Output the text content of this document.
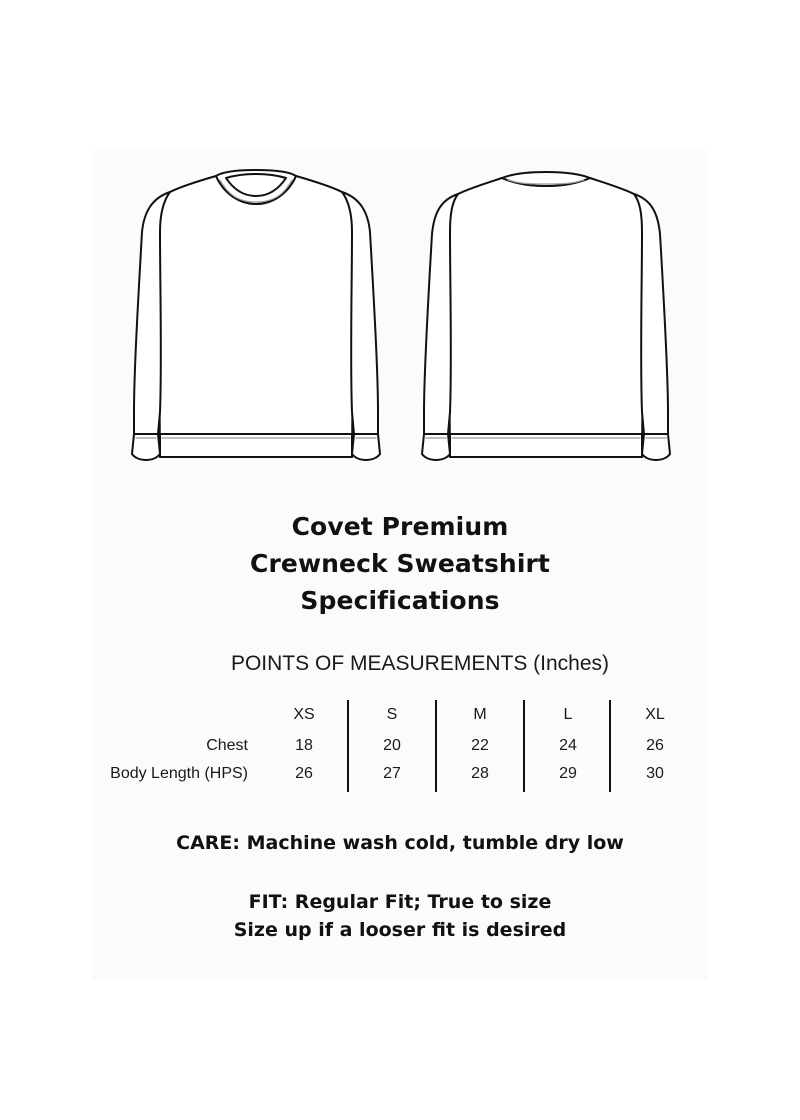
Covet Premium
Crewneck Sweatshirt
Specifications
POINTS OF MEASUREMENTS (Inches)
XS	S	M	L	XL
Chest	18	20	22	24	26
Body Length (HPS)	26	27	28	29	30
CARE: Machine wash cold, tumble dry low
FIT: Regular Fit; True to size
Size up if a looser fit is desired
